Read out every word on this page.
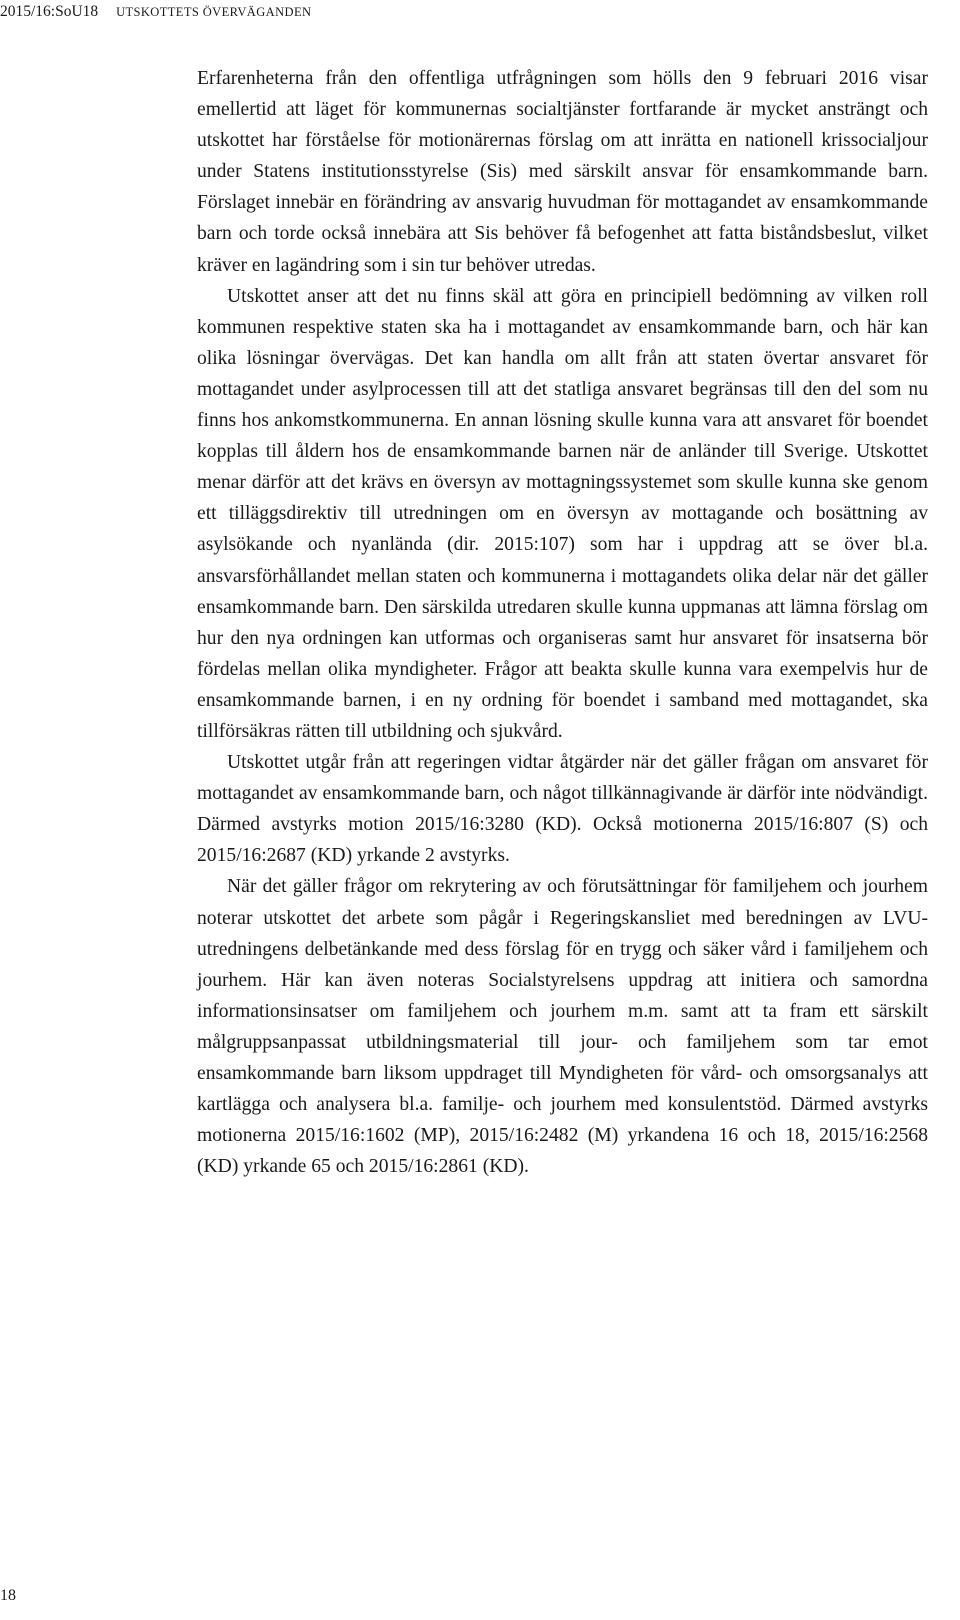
2015/16:SoU18 UTSKOTTETS ÖVERVÄGANDEN

Erfarenheterna från den offentliga utfrågningen som hölls den 9 februari 2016 visar emellertid att läget för kommunernas socialtjänster fortfarande är mycket ansträngt och utskottet har förståelse för motionärernas förslag om att inrätta en nationell krissocialjour under Statens institutionsstyrelse (Sis) med särskilt ansvar för ensamkommande barn. Förslaget innebär en förändring av ansvarig huvudman för mottagandet av ensamkommande barn och torde också innebära att Sis behöver få befogenhet att fatta biståndsbeslut, vilket kräver en lagändring som i sin tur behöver utredas.

Utskottet anser att det nu finns skäl att göra en principiell bedömning av vilken roll kommunen respektive staten ska ha i mottagandet av ensamkommande barn, och här kan olika lösningar övervägas. Det kan handla om allt från att staten övertar ansvaret för mottagandet under asylprocessen till att det statliga ansvaret begränsas till den del som nu finns hos ankomstkommunerna. En annan lösning skulle kunna vara att ansvaret för boendet kopplas till åldern hos de ensamkommande barnen när de anländer till Sverige. Utskottet menar därför att det krävs en översyn av mottagningssystemet som skulle kunna ske genom ett tilläggsdirektiv till utredningen om en översyn av mottagande och bosättning av asylsökande och nyanlända (dir. 2015:107) som har i uppdrag att se över bl.a. ansvarsförhållandet mellan staten och kommunerna i mottagandets olika delar när det gäller ensamkommande barn. Den särskilda utredaren skulle kunna uppmanas att lämna förslag om hur den nya ordningen kan utformas och organiseras samt hur ansvaret för insatserna bör fördelas mellan olika myndigheter. Frågor att beakta skulle kunna vara exempelvis hur de ensamkommande barnen, i en ny ordning för boendet i samband med mottagandet, ska tillförsäkras rätten till utbildning och sjukvård.

Utskottet utgår från att regeringen vidtar åtgärder när det gäller frågan om ansvaret för mottagandet av ensamkommande barn, och något tillkännagivande är därför inte nödvändigt. Därmed avstyrks motion 2015/16:3280 (KD). Också motionerna 2015/16:807 (S) och 2015/16:2687 (KD) yrkande 2 avstyrks.

När det gäller frågor om rekrytering av och förutsättningar för familjehem och jourhem noterar utskottet det arbete som pågår i Regeringskansliet med beredningen av LVU-utredningens delbetänkande med dess förslag för en trygg och säker vård i familjehem och jourhem. Här kan även noteras Socialstyrelsens uppdrag att initiera och samordna informationsinsatser om familjehem och jourhem m.m. samt att ta fram ett särskilt målgruppsanpassat utbildningsmaterial till jour- och familjehem som tar emot ensamkommande barn liksom uppdraget till Myndigheten för vård- och omsorgsanalys att kartlägga och analysera bl.a. familje- och jourhem med konsulentstöd. Därmed avstyrks motionerna 2015/16:1602 (MP), 2015/16:2482 (M) yrkandena 16 och 18, 2015/16:2568 (KD) yrkande 65 och 2015/16:2861 (KD).

18
